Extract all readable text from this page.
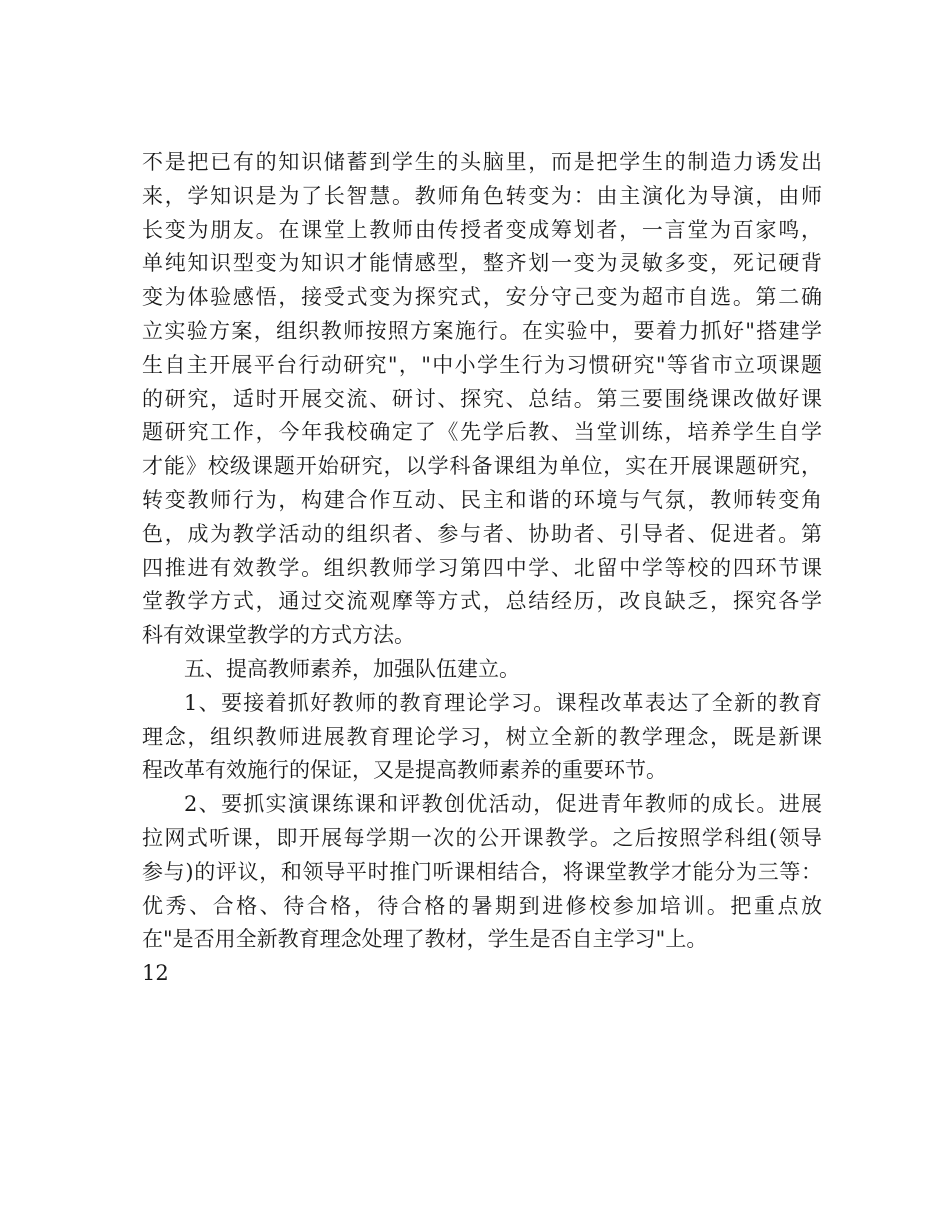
不是把已有的知识储蓄到学生的头脑里，而是把学生的制造力诱发出
来，学知识是为了长智慧。教师角色转变为：由主演化为导演，由师
长变为朋友。在课堂上教师由传授者变成筹划者，一言堂为百家鸣，
单纯知识型变为知识才能情感型，整齐划一变为灵敏多变，死记硬背
变为体验感悟，接受式变为探究式，安分守己变为超市自选。第二确
立实验方案，组织教师按照方案施行。在实验中，要着力抓好"搭建学
生自主开展平台行动研究"，"中小学生行为习惯研究"等省市立项课题
的研究，适时开展交流、研讨、探究、总结。第三要围绕课改做好课
题研究工作，今年我校确定了《先学后教、当堂训练，培养学生自学
才能》校级课题开始研究，以学科备课组为单位，实在开展课题研究，
转变教师行为，构建合作互动、民主和谐的环境与气氛，教师转变角
色，成为教学活动的组织者、参与者、协助者、引导者、促进者。第
四推进有效教学。组织教师学习第四中学、北留中学等校的四环节课
堂教学方式，通过交流观摩等方式，总结经历，改良缺乏，探究各学
科有效课堂教学的方式方法。
五、提高教师素养，加强队伍建立。
1、要接着抓好教师的教育理论学习。课程改革表达了全新的教育
理念，组织教师进展教育理论学习，树立全新的教学理念，既是新课
程改革有效施行的保证，又是提高教师素养的重要环节。
2、要抓实演课练课和评教创优活动，促进青年教师的成长。进展
拉网式听课，即开展每学期一次的公开课教学。之后按照学科组(领导
参与)的评议，和领导平时推门听课相结合，将课堂教学才能分为三等：
优秀、合格、待合格，待合格的暑期到进修校参加培训。把重点放
在"是否用全新教育理念处理了教材，学生是否自主学习"上。
12
